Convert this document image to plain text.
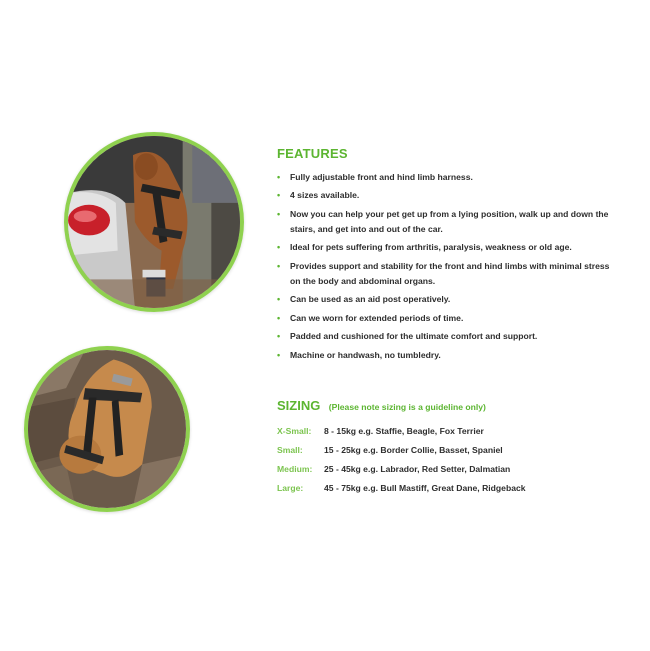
FEATURES
• Fully adjustable front and hind limb harness.
• 4 sizes available.
• Now you can help your pet get up from a lying position, walk up and down the stairs, and get into and out of the car.
• Ideal for pets suffering from arthritis, paralysis, weakness or old age.
• Provides support and stability for the front and hind limbs with minimal stress on the body and abdominal organs.
• Can be used as an aid post operatively.
• Can we worn for extended periods of time.
• Padded and cushioned for the ultimate comfort and support.
• Machine or handwash, no tumbledry.
SIZING (Please note sizing is a guideline only)
X-Small:	8 - 15kg e.g. Staffie, Beagle, Fox Terrier
Small:	15 - 25kg e.g. Border Collie, Basset, Spaniel
Medium:	25 - 45kg e.g. Labrador, Red Setter, Dalmatian
Large:	45 - 75kg e.g. Bull Mastiff, Great Dane, Ridgeback
